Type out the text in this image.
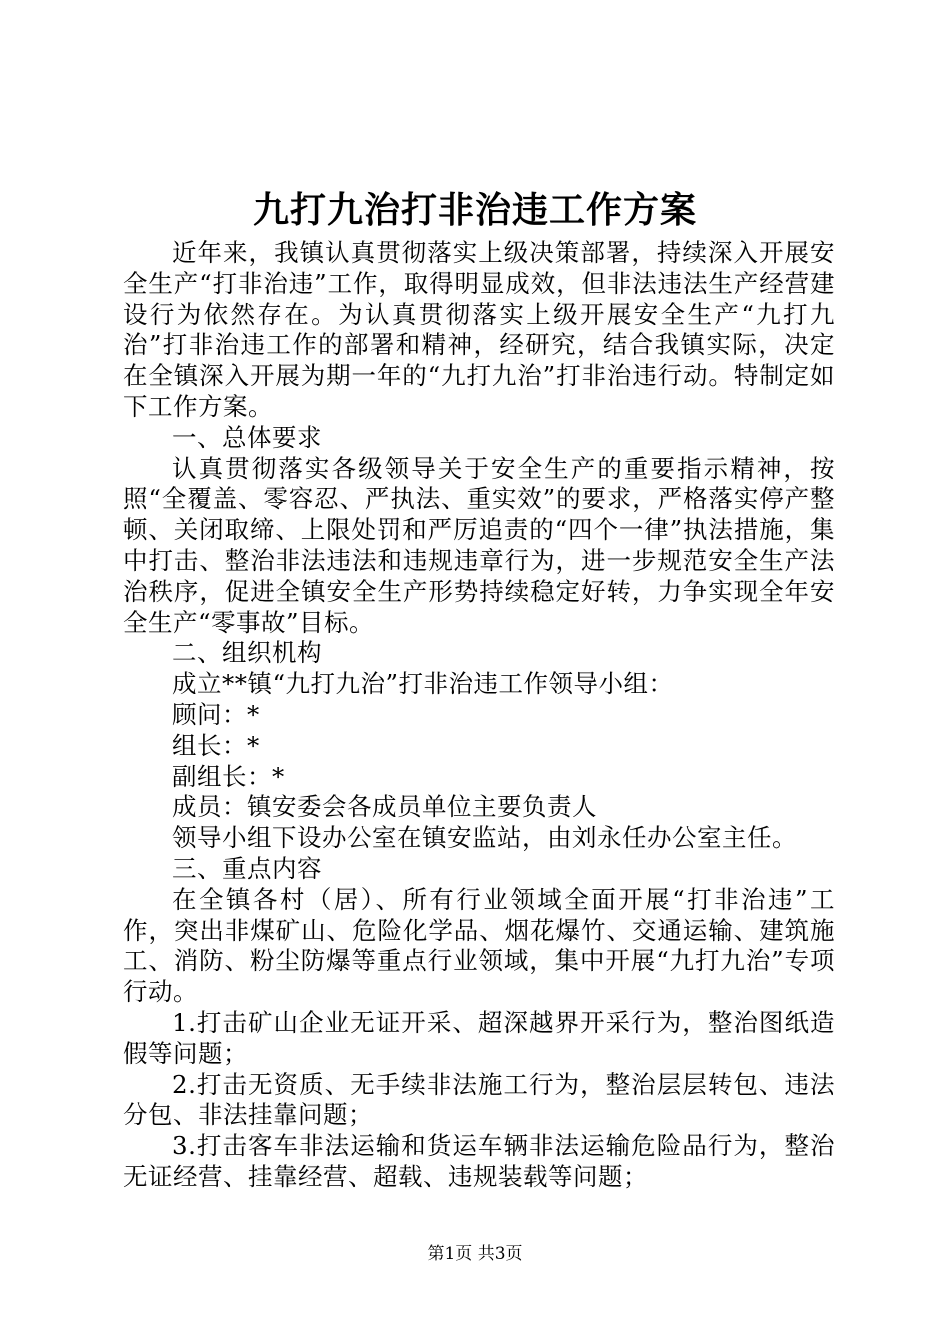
九打九治打非治违工作方案

近年来，我镇认真贯彻落实上级决策部署，持续深入开展安全生产“打非治违”工作，取得明显成效，但非法违法生产经营建设行为依然存在。为认真贯彻落实上级开展安全生产“九打九治”打非治违工作的部署和精神，经研究，结合我镇实际，决定在全镇深入开展为期一年的“九打九治”打非治违行动。特制定如下工作方案。

一、总体要求

认真贯彻落实各级领导关于安全生产的重要指示精神，按照“全覆盖、零容忍、严执法、重实效”的要求，严格落实停产整顿、关闭取缔、上限处罚和严厉追责的“四个一律”执法措施，集中打击、整治非法违法和违规违章行为，进一步规范安全生产法治秩序，促进全镇安全生产形势持续稳定好转，力争实现全年安全生产“零事故”目标。

二、组织机构

成立**镇“九打九治”打非治违工作领导小组：

顾问：*

组长：*

副组长：*

成员：镇安委会各成员单位主要负责人

领导小组下设办公室在镇安监站，由刘永任办公室主任。

三、重点内容

在全镇各村（居）、所有行业领域全面开展“打非治违”工作，突出非煤矿山、危险化学品、烟花爆竹、交通运输、建筑施工、消防、粉尘防爆等重点行业领域，集中开展“九打九治”专项行动。

1.打击矿山企业无证开采、超深越界开采行为，整治图纸造假等问题；

2.打击无资质、无手续非法施工行为，整治层层转包、违法分包、非法挂靠问题；

3.打击客车非法运输和货运车辆非法运输危险品行为，整治无证经营、挂靠经营、超载、违规装载等问题；

第1页 共3页
